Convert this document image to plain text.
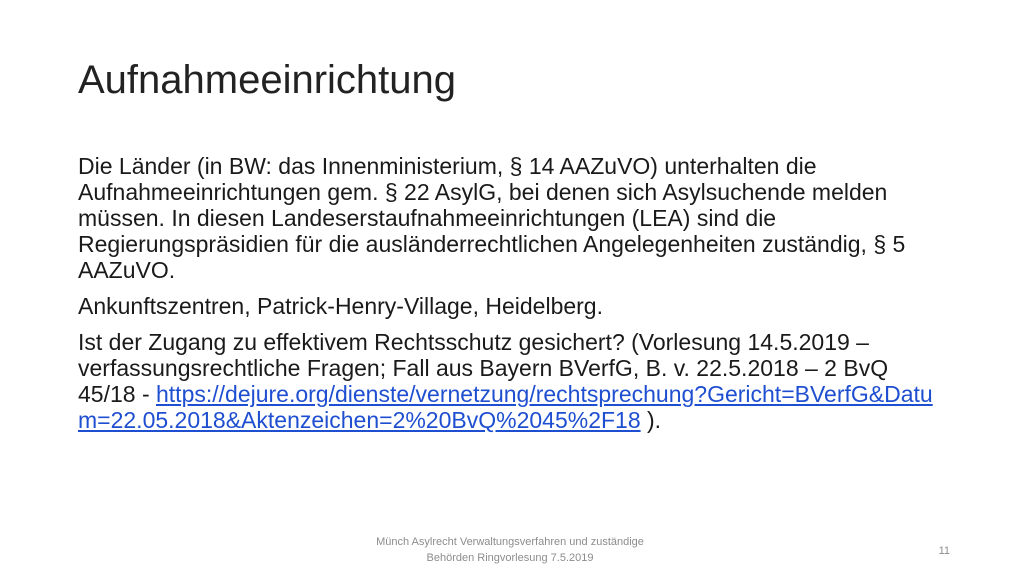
Aufnahmeeinrichtung

Die Länder (in BW: das Innenministerium, § 14 AAZuVO) unterhalten die Aufnahmeeinrichtungen gem. § 22 AsylG, bei denen sich Asylsuchende melden müssen. In diesen Landeserstaufnahmeeinrichtungen (LEA) sind die Regierungspräsidien für die ausländerrechtlichen Angelegenheiten zuständig, § 5 AAZuVO.

Ankunftszentren, Patrick-Henry-Village, Heidelberg.

Ist der Zugang zu effektivem Rechtsschutz gesichert? (Vorlesung 14.5.2019 – verfassungsrechtliche Fragen; Fall aus Bayern BVerfG, B. v. 22.5.2018 – 2 BvQ 45/18 - https://dejure.org/dienste/vernetzung/rechtsprechung?Gericht=BVerfG&Datum=22.05.2018&Aktenzeichen=2%20BvQ%2045%2F18 ).

Münch Asylrecht Verwaltungsverfahren und zuständige
Behörden Ringvorlesung 7.5.2019
11
